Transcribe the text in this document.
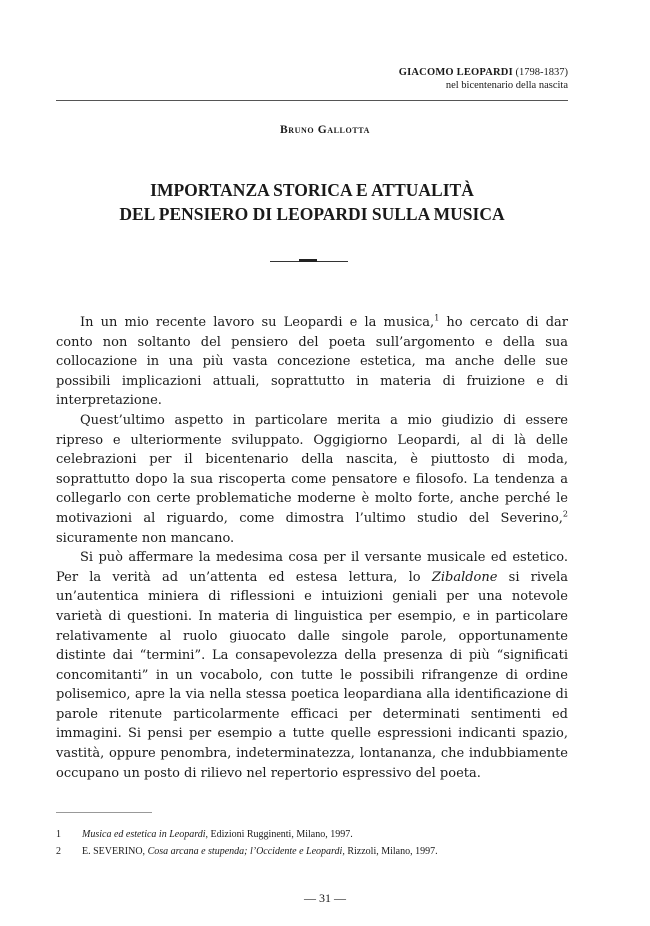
GIACOMO LEOPARDI (1798-1837)
nel bicentenario della nascita
Bruno Gallotta
IMPORTANZA STORICA E ATTUALITÀ
DEL PENSIERO DI LEOPARDI SULLA MUSICA

In un mio recente lavoro su Leopardi e la musica,$^1$ ho cercato di dar conto non soltanto del pensiero del poeta sull’argomento e della sua collocazione in una più vasta concezione estetica, ma anche delle sue possibili implicazioni attuali, soprattutto in materia di fruizione e di interpretazione.

Quest’ultimo aspetto in particolare merita a mio giudizio di essere ripreso e ulteriormente sviluppato. Oggigiorno Leopardi, al di là delle celebrazioni per il bicentenario della nascita, è piuttosto di moda, soprattutto dopo la sua riscoperta come pensatore e filosofo. La tendenza a collegarlo con certe problematiche moderne è molto forte, anche perché le motivazioni al riguardo, come dimostra l’ultimo studio del Severino,$^2$ sicuramente non mancano.

Si può affermare la medesima cosa per il versante musicale ed estetico. Per la verità ad un’attenta ed estesa lettura, lo Zibaldone si rivela un’autentica miniera di riflessioni e intuizioni geniali per una notevole varietà di questioni. In materia di linguistica per esempio, e in particolare relativamente al ruolo giuocato dalle singole parole, opportunamente distinte dai “termini”. La consapevolezza della presenza di più “significati concomitanti” in un vocabolo, con tutte le possibili rifrangenze di ordine polisemico, apre la via nella stessa poetica leopardiana alla identificazione di parole ritenute particolarmente efficaci per determinati sentimenti ed immagini. Si pensi per esempio a tutte quelle espressioni indicanti spazio, vastità, oppure penombra, indeterminatezza, lontananza, che indubbiamente occupano un posto di rilievo nel repertorio espressivo del poeta.

1	Musica ed estetica in Leopardi, Edizioni Rugginenti, Milano, 1997.
2	E. SEVERINO, Cosa arcana e stupenda; l’Occidente e Leopardi, Rizzoli, Milano, 1997.
— 31 —
